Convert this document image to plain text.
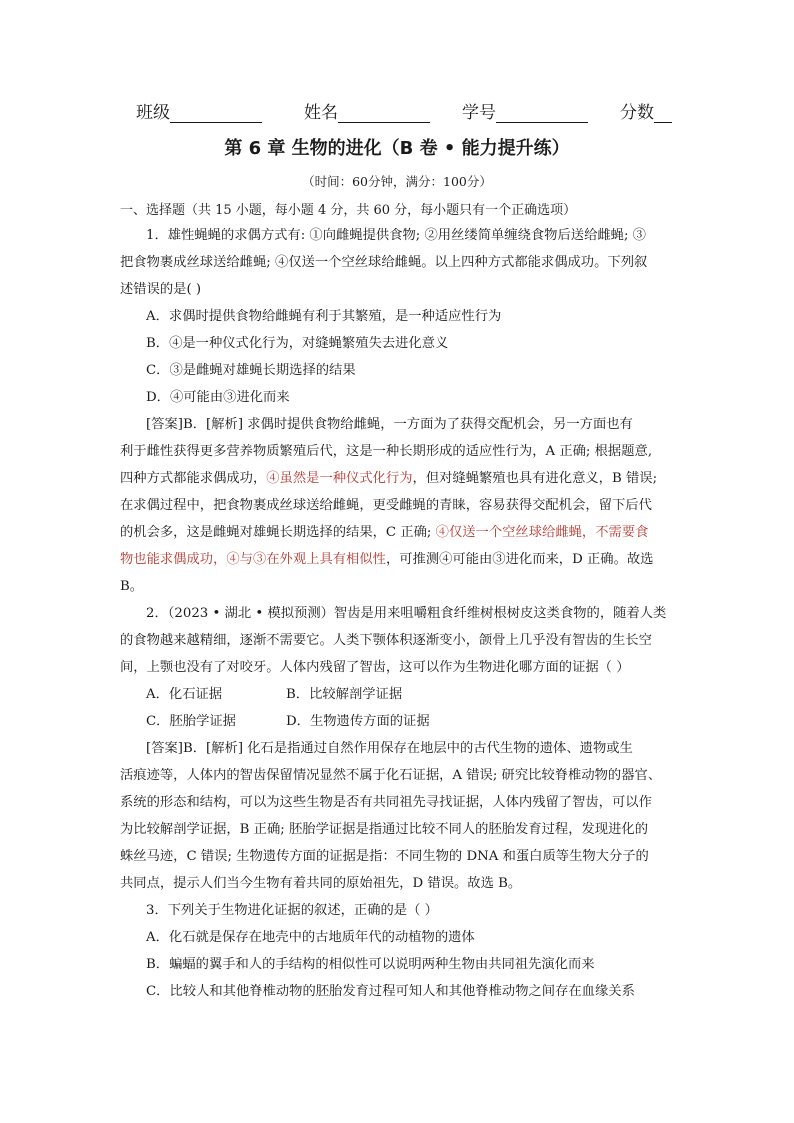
班级	姓名	学号	分数
第 6 章 生物的进化（B 卷 • 能力提升练）
（时间：60分钟，满分：100分）
一、选择题（共 15 小题，每小题 4 分，共 60 分，每小题只有一个正确选项）
1．雄性蝇蝇的求偶方式有: ①向雌蝇提供食物; ②用丝缕简单缠绕食物后送给雌蝇; ③
把食物裹成丝球送给雌蝇; ④仅送一个空丝球给雌蝇。以上四种方式都能求偶成功。下列叙
述错误的是( )
A．求偶时提供食物给雌蝇有利于其繁殖，是一种适应性行为
B．④是一种仪式化行为，对缝蝇繁殖失去进化意义
C．③是雌蝇对雄蝇长期选择的结果
D．④可能由③进化而来
[答案]B．[解析] 求偶时提供食物给雌蝇，一方面为了获得交配机会，另一方面也有
利于雌性获得更多营养物质繁殖后代，这是一种长期形成的适应性行为，A 正确; 根据题意,
四种方式都能求偶成功，④虽然是一种仪式化行为，但对缝蝇繁殖也具有进化意义，B 错误;
在求偶过程中，把食物裹成丝球送给雌蝇，更受雌蝇的青睐，容易获得交配机会，留下后代
的机会多，这是雌蝇对雄蝇长期选择的结果，C 正确; ④仅送一个空丝球给雌蝇，不需要食
物也能求偶成功，④与③在外观上具有相似性，可推测④可能由③进化而来，D 正确。故选
B。
2．（2023 • 湖北 • 模拟预测）智齿是用来咀嚼粗食纤维树根树皮这类食物的，随着人类
的食物越来越精细，逐渐不需要它。人类下颚体积逐渐变小，颌骨上几乎没有智齿的生长空
间，上颚也没有了对咬牙。人体内残留了智齿，这可以作为生物进化哪方面的证据（ ）
A．化石证据	B．比较解剖学证据
C．胚胎学证据	D．生物遗传方面的证据
[答案]B．[解析] 化石是指通过自然作用保存在地层中的古代生物的遗体、遗物或生
活痕迹等，人体内的智齿保留情况显然不属于化石证据，A 错误; 研究比较脊椎动物的器官、
系统的形态和结构，可以为这些生物是否有共同祖先寻找证据，人体内残留了智齿，可以作
为比较解剖学证据，B 正确; 胚胎学证据是指通过比较不同人的胚胎发育过程，发现进化的
蛛丝马迹，C 错误; 生物遗传方面的证据是指：不同生物的 DNA 和蛋白质等生物大分子的
共同点，提示人们当今生物有着共同的原始祖先，D 错误。故选 B。
3．下列关于生物进化证据的叙述，正确的是（ ）
A．化石就是保存在地壳中的古地质年代的动植物的遗体
B．蝙蝠的翼手和人的手结构的相似性可以说明两种生物由共同祖先演化而来
C．比较人和其他脊椎动物的胚胎发育过程可知人和其他脊椎动物之间存在血缘关系
